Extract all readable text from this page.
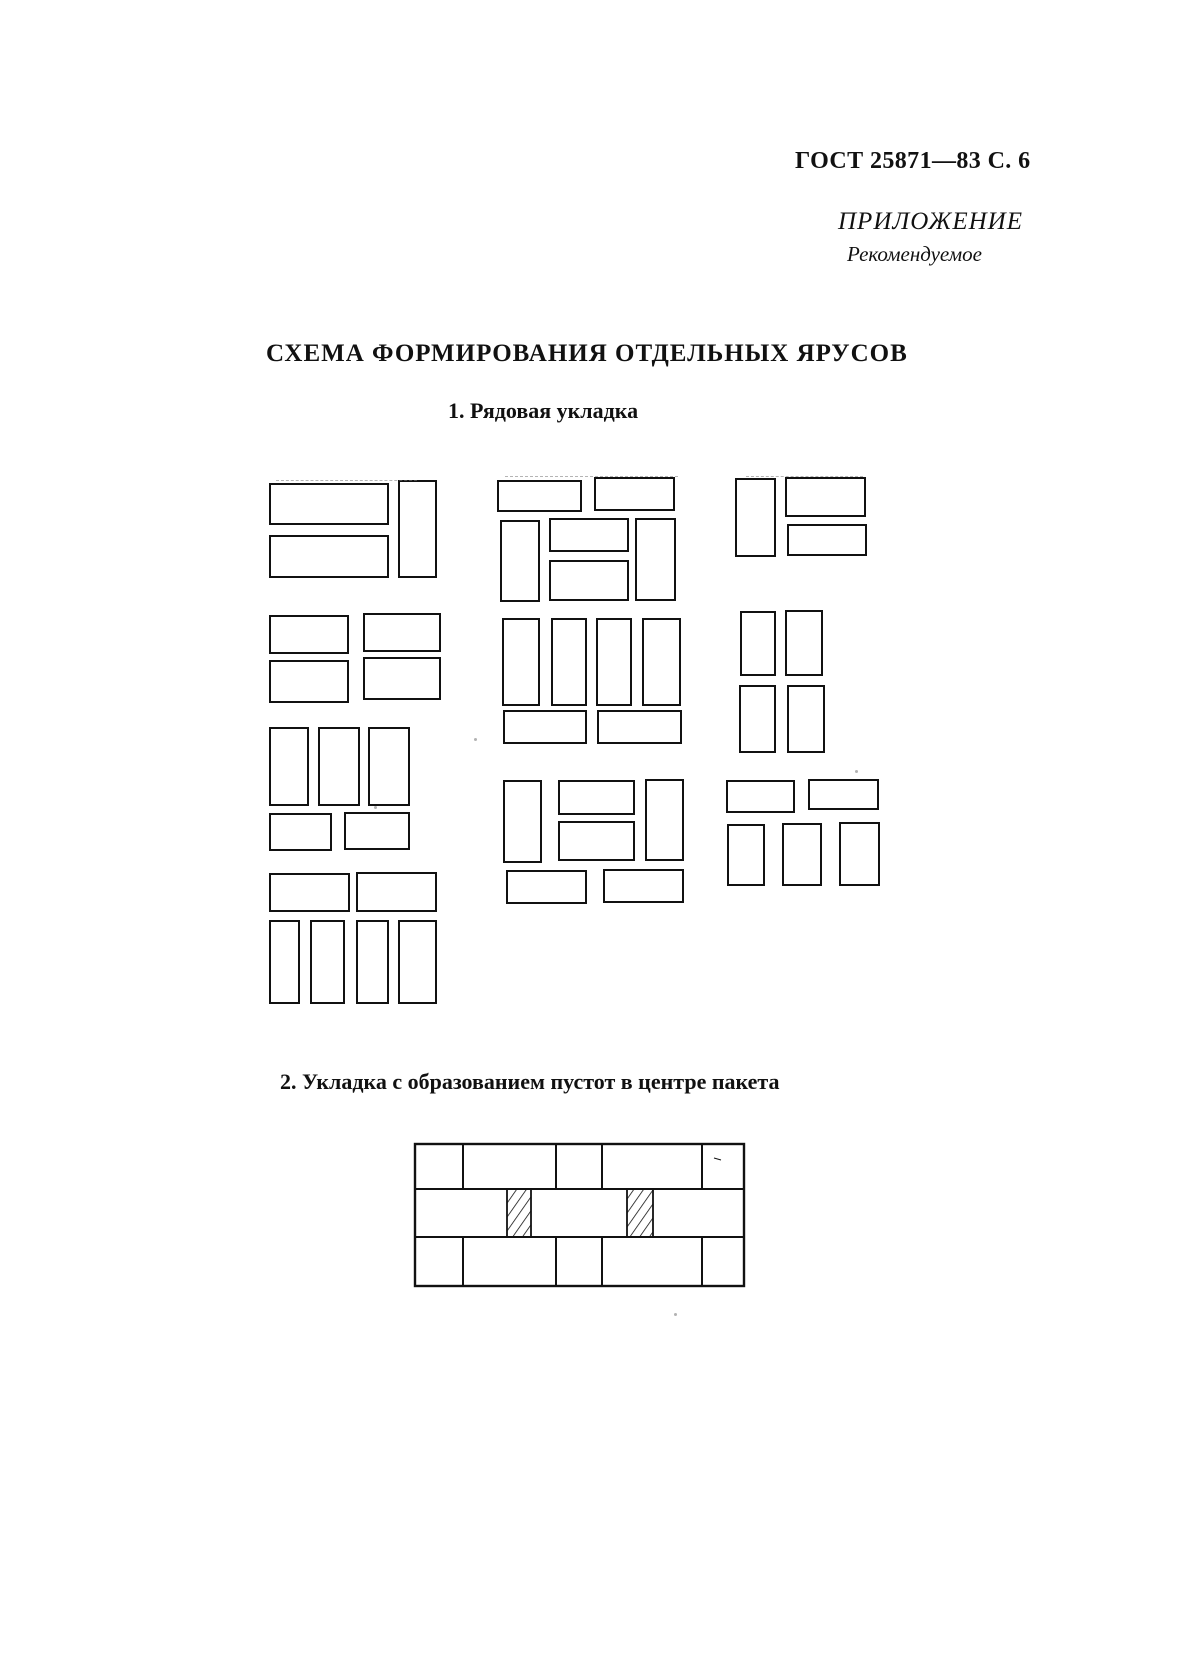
ГОСТ 25871—83 С. 6
ПРИЛОЖЕНИЕ
Рекомендуемое
СХЕМА ФОРМИРОВАНИЯ ОТДЕЛЬНЫХ ЯРУСОВ
1. Рядовая укладка
2. Укладка с образованием пустот в центре пакета
